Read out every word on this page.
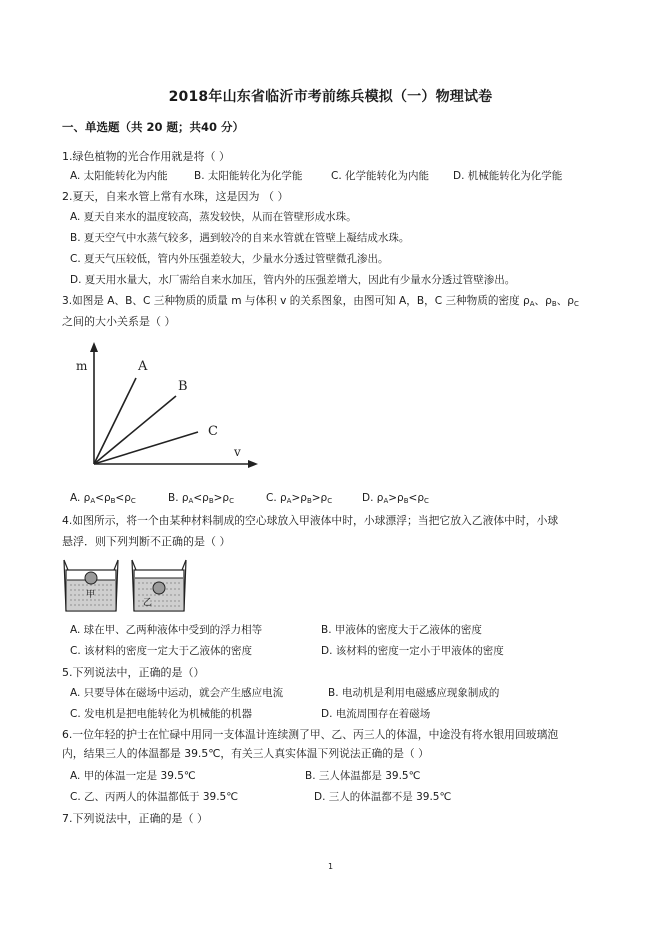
2018年山东省临沂市考前练兵模拟（一）物理试卷
一、单选题（共 20 题；共40 分）
1.绿色植物的光合作用就是将（ ）
A. 太阳能转化为内能	B. 太阳能转化为化学能	C. 化学能转化为内能 D. 机械能转化为化学能
2.夏天，自来水管上常有水珠，这是因为 （ ）
A. 夏天自来水的温度较高，蒸发较快，从而在管壁形成水珠。
B. 夏天空气中水蒸气较多，遇到较冷的自来水管就在管壁上凝结成水珠。
C. 夏天气压较低，管内外压强差较大，少量水分透过管壁微孔渗出。
D. 夏天用水量大，水厂需给自来水加压，管内外的压强差增大，因此有少量水分透过管壁渗出。
3.如图是 A、B、C 三种物质的质量 m 与体积 v 的关系图象，由图可知 A，B，C 三种物质的密度 $\rho_A$、$\rho_B$、$\rho_C$
之间的大小关系是（ ）
m
v
A
B
C
A. $\rho_A<\rho_B<\rho_C$	B. $\rho_A<\rho_B>\rho_C$	C. $\rho_A>\rho_B>\rho_C$	D. $\rho_A>\rho_B<\rho_C$
4.如图所示，将一个由某种材料制成的空心球放入甲液体中时，小球漂浮；当把它放入乙液体中时，小球
悬浮．则下列判断不正确的是（ ）
甲
乙
A. 球在甲、乙两种液体中受到的浮力相等	B. 甲液体的密度大于乙液体的密度
C. 该材料的密度一定大于乙液体的密度	D. 该材料的密度一定小于甲液体的密度
5.下列说法中，正确的是（）
A. 只要导体在磁场中运动，就会产生感应电流	B. 电动机是利用电磁感应现象制成的
C. 发电机是把电能转化为机械能的机器	D. 电流周围存在着磁场
6.一位年轻的护士在忙碌中用同一支体温计连续测了甲、乙、丙三人的体温，中途没有将水银用回玻璃泡
内，结果三人的体温都是 39.5℃，有关三人真实体温下列说法正确的是（ ）
A. 甲的体温一定是 39.5℃	B. 三人体温都是 39.5℃
C. 乙、丙两人的体温都低于 39.5℃	D. 三人的体温都不是 39.5℃
7.下列说法中，正确的是（ ）
1
